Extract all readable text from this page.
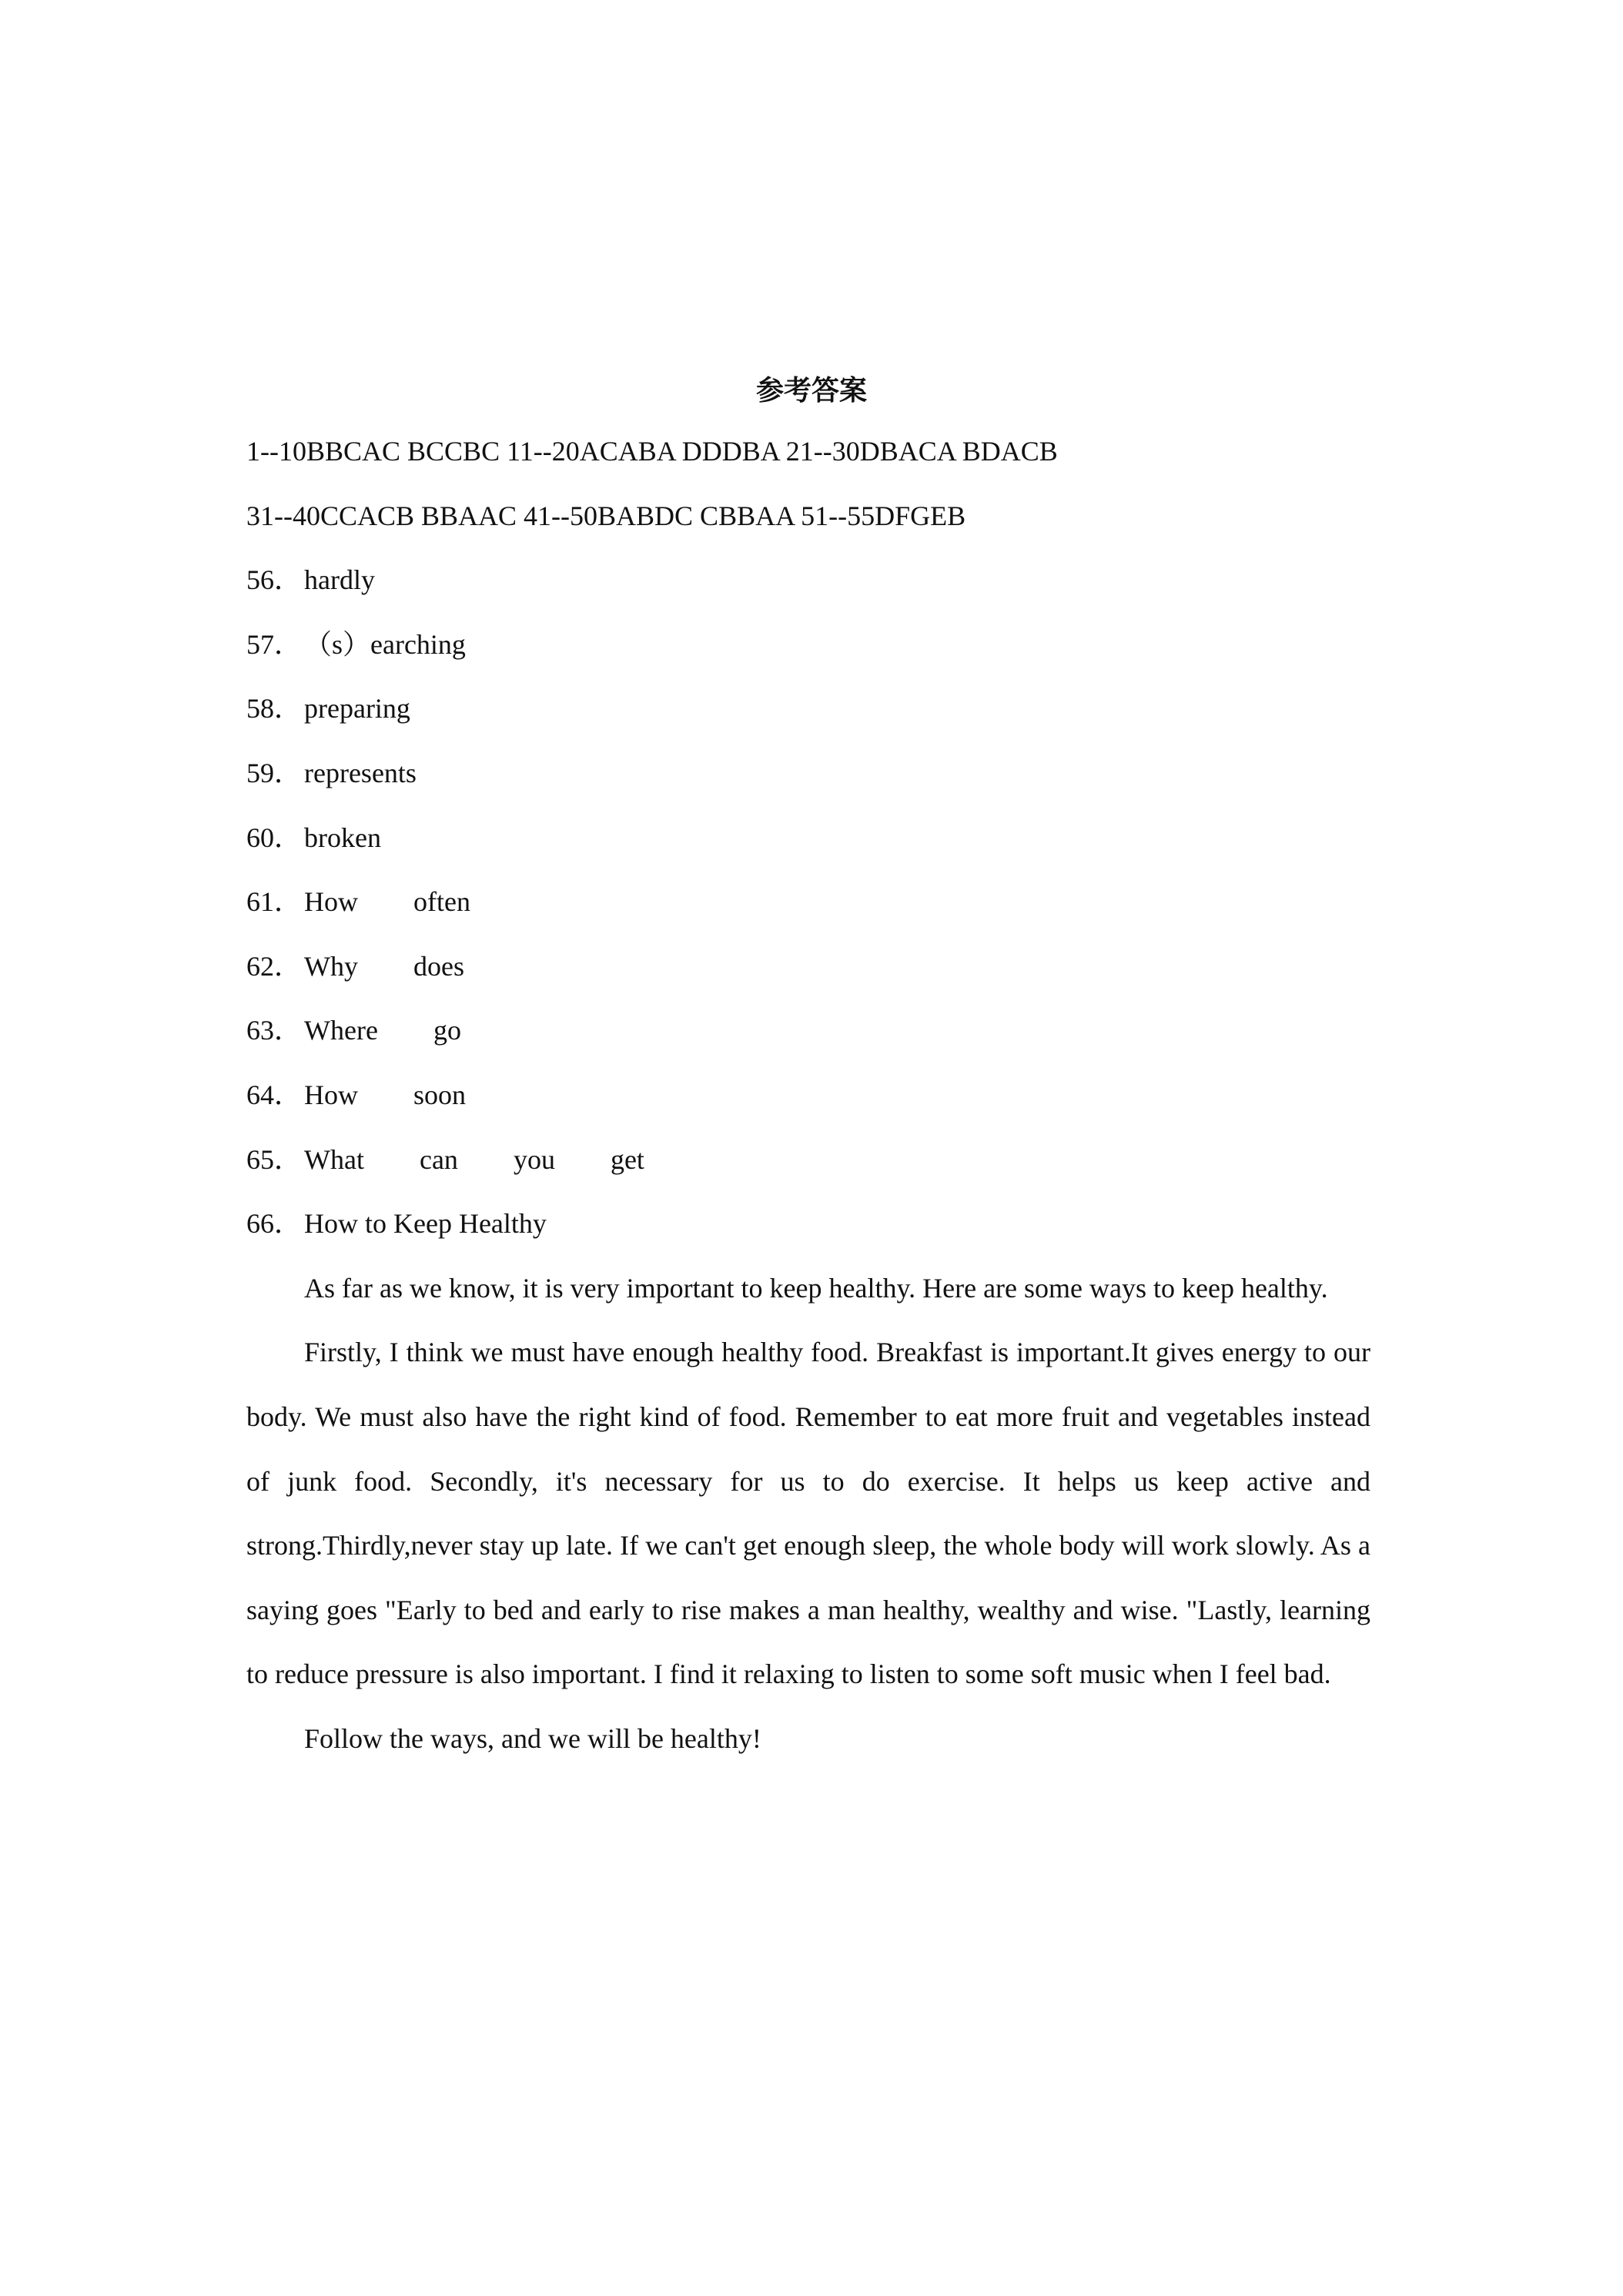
参考答案
1--10BBCAC BCCBC 11--20ACABA DDDBA 21--30DBACA BDACB
31--40CCACB BBAAC 41--50BABDC CBBAA 51--55DFGEB
56．hardly
57．（s）earching
58．preparing
59．represents
60．broken
61．How often
62．Why does
63．Where go
64．How soon
65．What can you get
66．How to Keep Healthy
As far as we know, it is very important to keep healthy. Here are some ways to keep healthy.
Firstly, I think we must have enough healthy food. Breakfast is important.It gives energy to our body. We must also have the right kind of food. Remember to eat more fruit and vegetables instead of junk food. Secondly, it's necessary for us to do exercise. It helps us keep active and strong.Thirdly,never stay up late. If we can't get enough sleep, the whole body will work slowly. As a saying goes "Early to bed and early to rise makes a man healthy, wealthy and wise. "Lastly, learning to reduce pressure is also important. I find it relaxing to listen to some soft music when I feel bad.
Follow the ways, and we will be healthy!
